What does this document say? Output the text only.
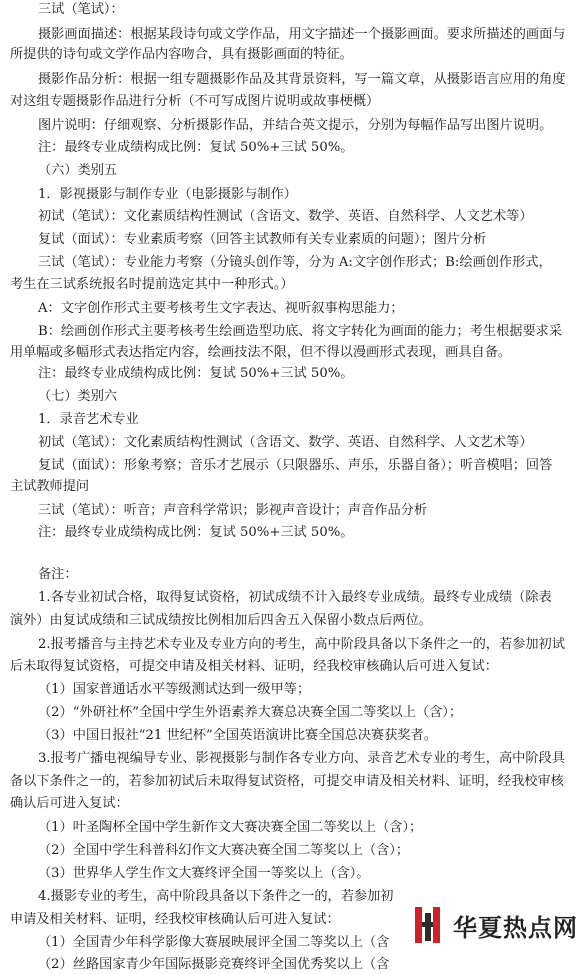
三试（笔试）：
摄影画面描述：根据某段诗句或文学作品，用文字描述一个摄影画面。要求所描述的画面与
所提供的诗句或文学作品内容吻合，具有摄影画面的特征。
摄影作品分析：根据一组专题摄影作品及其背景资料，写一篇文章，从摄影语言应用的角度
对这组专题摄影作品进行分析（不可写成图片说明或故事梗概）
图片说明：仔细观察、分析摄影作品，并结合英文提示，分别为每幅作品写出图片说明。
注：最终专业成绩构成比例：复试 50%+三试 50%。
（六）类别五
1．影视摄影与制作专业（电影摄影与制作）
初试（笔试）：文化素质结构性测试（含语文、数学、英语、自然科学、人文艺术等）
复试（面试）：专业素质考察（回答主试教师有关专业素质的问题）；图片分析
三试（笔试）：专业能力考察（分镜头创作等，分为 A:文字创作形式；B:绘画创作形式，
考生在三试系统报名时提前选定其中一种形式。）
A：文字创作形式主要考核考生文字表达、视听叙事构思能力；
B：绘画创作形式主要考核考生绘画造型功底、将文字转化为画面的能力；考生根据要求采
用单幅或多幅形式表达指定内容，绘画技法不限，但不得以漫画形式表现，画具自备。
注：最终专业成绩构成比例：复试 50%+三试 50%。
（七）类别六
1．录音艺术专业
初试（笔试）：文化素质结构性测试（含语文、数学、英语、自然科学、人文艺术等）
复试（面试）：形象考察；音乐才艺展示（只限器乐、声乐，乐器自备）；听音模唱；回答
主试教师提问
三试（笔试）：听音；声音科学常识；影视声音设计；声音作品分析
注：最终专业成绩构成比例：复试 50%+三试 50%。
备注：
1.各专业初试合格，取得复试资格，初试成绩不计入最终专业成绩。最终专业成绩（除表
演外）由复试成绩和三试成绩按比例相加后四舍五入保留小数点后两位。
2.报考播音与主持艺术专业及专业方向的考生，高中阶段具备以下条件之一的，若参加初试
后未取得复试资格，可提交申请及相关材料、证明，经我校审核确认后可进入复试：
（1）国家普通话水平等级测试达到一级甲等；
（2）“外研社杯”全国中学生外语素养大赛总决赛全国二等奖以上（含）；
（3）中国日报社“21 世纪杯”全国英语演讲比赛全国总决赛获奖者。
3.报考广播电视编导专业、影视摄影与制作各专业方向、录音艺术专业的考生，高中阶段具
备以下条件之一的，若参加初试后未取得复试资格，可提交申请及相关材料、证明，经我校审核
确认后可进入复试：
（1）叶圣陶杯全国中学生新作文大赛决赛全国二等奖以上（含）；
（2）全国中学生科普科幻作文大赛决赛全国二等奖以上（含）；
（3）世界华人学生作文大赛终评全国一等奖以上（含）。
4.摄影专业的考生，高中阶段具备以下条件之一的，若参加初
申请及相关材料、证明，经我校审核确认后可进入复试：
（1）全国青少年科学影像大赛展映展评全国二等奖以上（含
（2）丝路国家青少年国际摄影竞赛终评全国优秀奖以上（含
华夏热点网
